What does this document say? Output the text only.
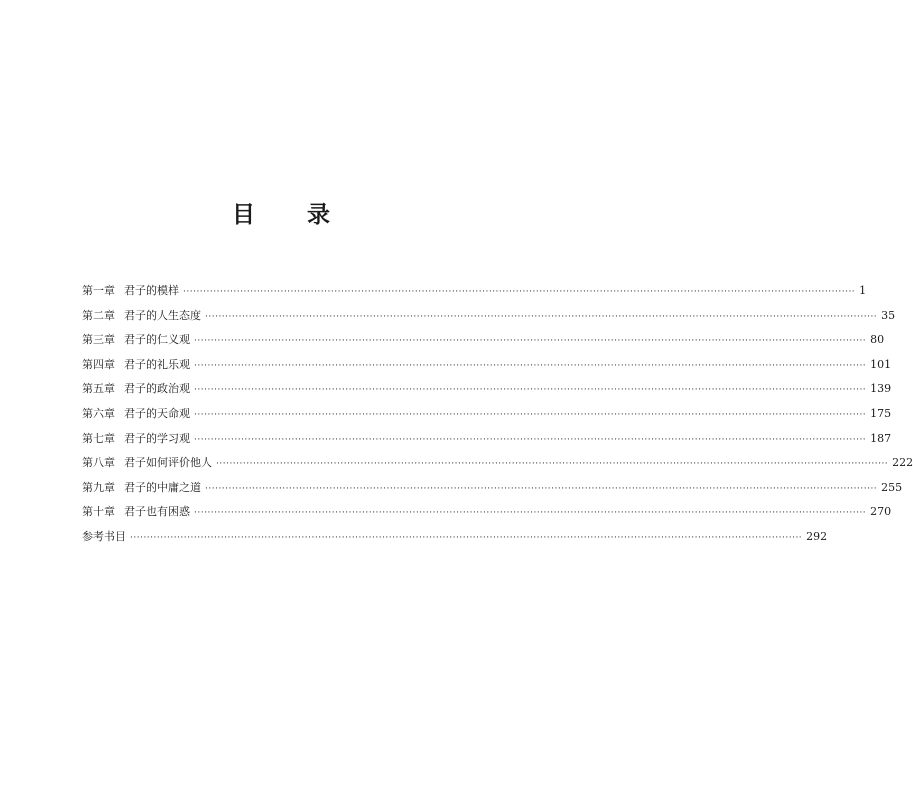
目 录
第一章 君子的模样 ········································································································································································································ 1
第二章 君子的人生态度 ········································································································································································································ 35
第三章 君子的仁义观 ········································································································································································································ 80
第四章 君子的礼乐观 ········································································································································································································ 101
第五章 君子的政治观 ········································································································································································································ 139
第六章 君子的天命观 ········································································································································································································ 175
第七章 君子的学习观 ········································································································································································································ 187
第八章 君子如何评价他人 ········································································································································································································ 222
第九章 君子的中庸之道 ········································································································································································································ 255
第十章 君子也有困惑 ········································································································································································································ 270
参考书目 ········································································································································································································ 292
